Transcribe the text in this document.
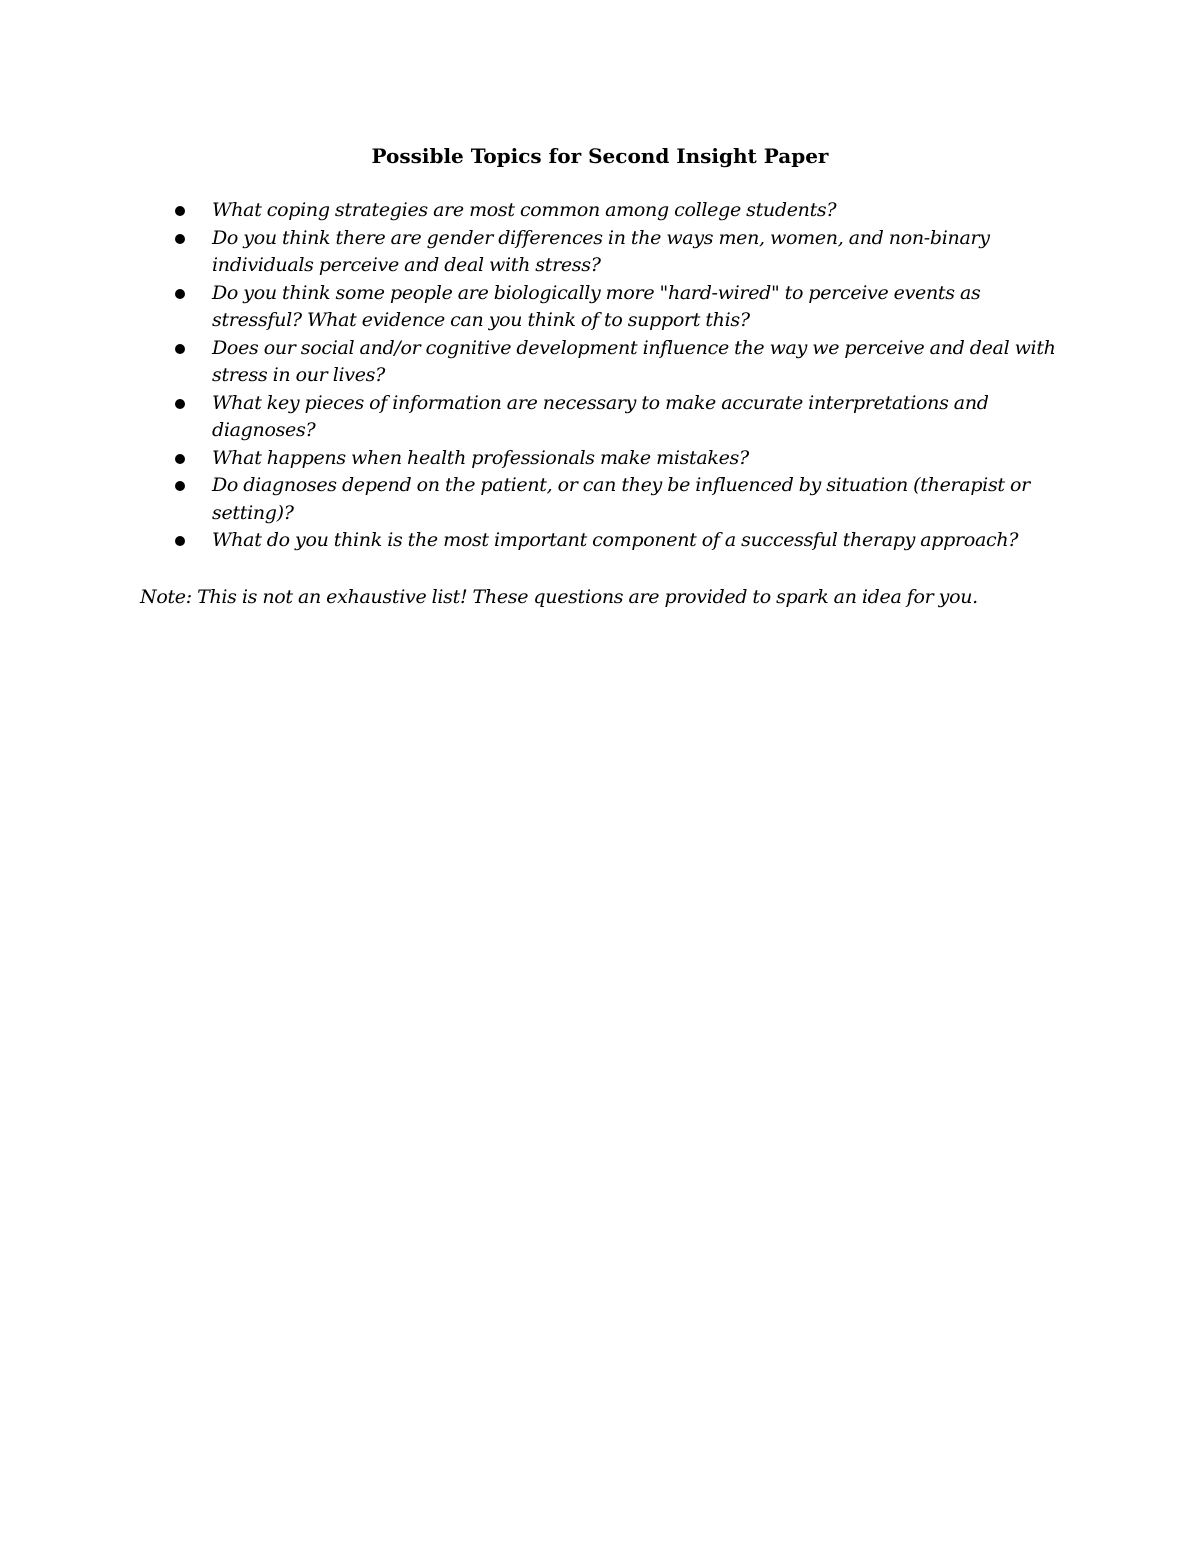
Possible Topics for Second Insight Paper
What coping strategies are most common among college students?
Do you think there are gender differences in the ways men, women, and non-binary individuals perceive and deal with stress?
Do you think some people are biologically more "hard-wired" to perceive events as stressful? What evidence can you think of to support this?
Does our social and/or cognitive development influence the way we perceive and deal with stress in our lives?
What key pieces of information are necessary to make accurate interpretations and diagnoses?
What happens when health professionals make mistakes?
Do diagnoses depend on the patient, or can they be influenced by situation (therapist or setting)?
What do you think is the most important component of a successful therapy approach?
Note: This is not an exhaustive list! These questions are provided to spark an idea for you.
